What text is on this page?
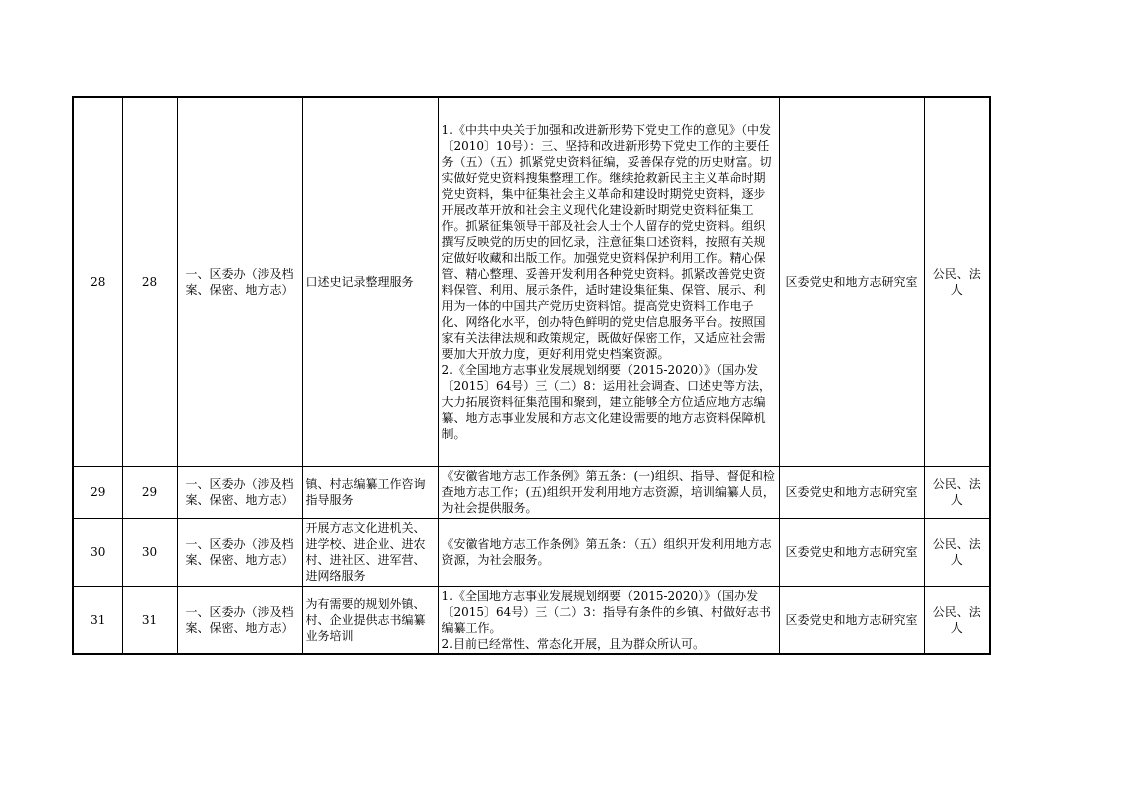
28	28	一、区委办（涉及档案、保密、地方志）	口述史记录整理服务	1.《中共中央关于加强和改进新形势下党史工作的意见》（中发〔2010〕10号）：三、坚持和改进新形势下党史工作的主要任务（五）（五）抓紧党史资料征编，妥善保存党的历史财富。切实做好党史资料搜集整理工作。继续抢救新民主主义革命时期党史资料，集中征集社会主义革命和建设时期党史资料，逐步开展改革开放和社会主义现代化建设新时期党史资料征集工作。抓紧征集领导干部及社会人士个人留存的党史资料。组织撰写反映党的历史的回忆录，注意征集口述资料，按照有关规定做好收藏和出版工作。加强党史资料保护利用工作。精心保管、精心整理、妥善开发利用各种党史资料。抓紧改善党史资料保管、利用、展示条件，适时建设集征集、保管、展示、利用为一体的中国共产党历史资料馆。提高党史资料工作电子化、网络化水平，创办特色鲜明的党史信息服务平台。按照国家有关法律法规和政策规定，既做好保密工作，又适应社会需要加大开放力度，更好利用党史档案资源。
2.《全国地方志事业发展规划纲要（2015-2020）》（国办发〔2015〕64号）三（二）8：运用社会调查、口述史等方法，大力拓展资料征集范围和聚到，建立能够全方位适应地方志编纂、地方志事业发展和方志文化建设需要的地方志资料保障机制。	区委党史和地方志研究室	公民、法人
29	29	一、区委办（涉及档案、保密、地方志）	镇、村志编纂工作咨询指导服务	《安徽省地方志工作条例》第五条：(一)组织、指导、督促和检查地方志工作；(五)组织开发利用地方志资源，培训编纂人员，为社会提供服务。	区委党史和地方志研究室	公民、法人
30	30	一、区委办（涉及档案、保密、地方志）	开展方志文化进机关、进学校、进企业、进农村、进社区、进军营、进网络服务	《安徽省地方志工作条例》第五条：（五）组织开发利用地方志资源，为社会服务。	区委党史和地方志研究室	公民、法人
31	31	一、区委办（涉及档案、保密、地方志）	为有需要的规划外镇、村、企业提供志书编纂业务培训	1.《全国地方志事业发展规划纲要（2015-2020）》（国办发〔2015〕64号）三（二）3：指导有条件的乡镇、村做好志书编纂工作。
2.目前已经常性、常态化开展，且为群众所认可。	区委党史和地方志研究室	公民、法人
